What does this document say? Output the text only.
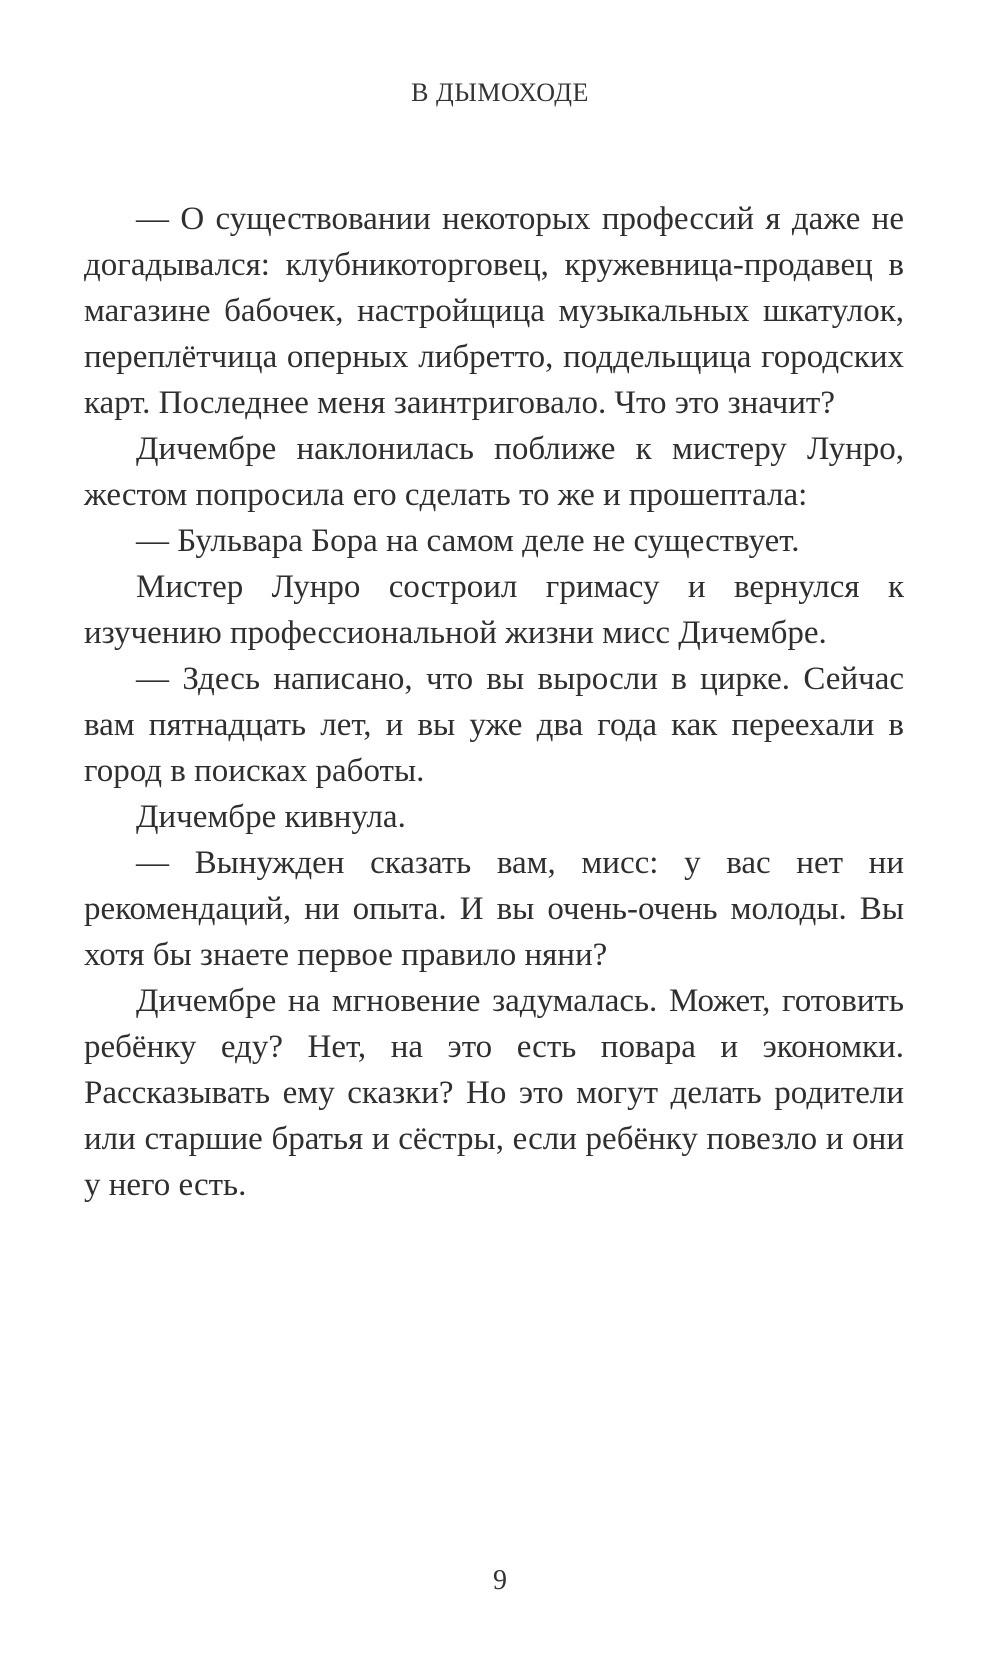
В ДЫМОХОДЕ

— О существовании некоторых профессий я даже не догадывался: клубникоторговец, кружевница-продавец в магазине бабочек, настройщица музыкальных шкатулок, переплётчица оперных либретто, поддельщица городских карт. Последнее меня заинтриговало. Что это значит?

Дичембре наклонилась поближе к мистеру Лунро, жестом попросила его сделать то же и прошептала:

— Бульвара Бора на самом деле не существует.

Мистер Лунро состроил гримасу и вернулся к изучению профессиональной жизни мисс Дичембре.

— Здесь написано, что вы выросли в цирке. Сейчас вам пятнадцать лет, и вы уже два года как переехали в город в поисках работы.

Дичембре кивнула.

— Вынужден сказать вам, мисс: у вас нет ни рекомендаций, ни опыта. И вы очень-очень молоды. Вы хотя бы знаете первое правило няни?

Дичембре на мгновение задумалась. Может, готовить ребёнку еду? Нет, на это есть повара и экономки. Рассказывать ему сказки? Но это могут делать родители или старшие братья и сёстры, если ребёнку повезло и они у него есть.

9
